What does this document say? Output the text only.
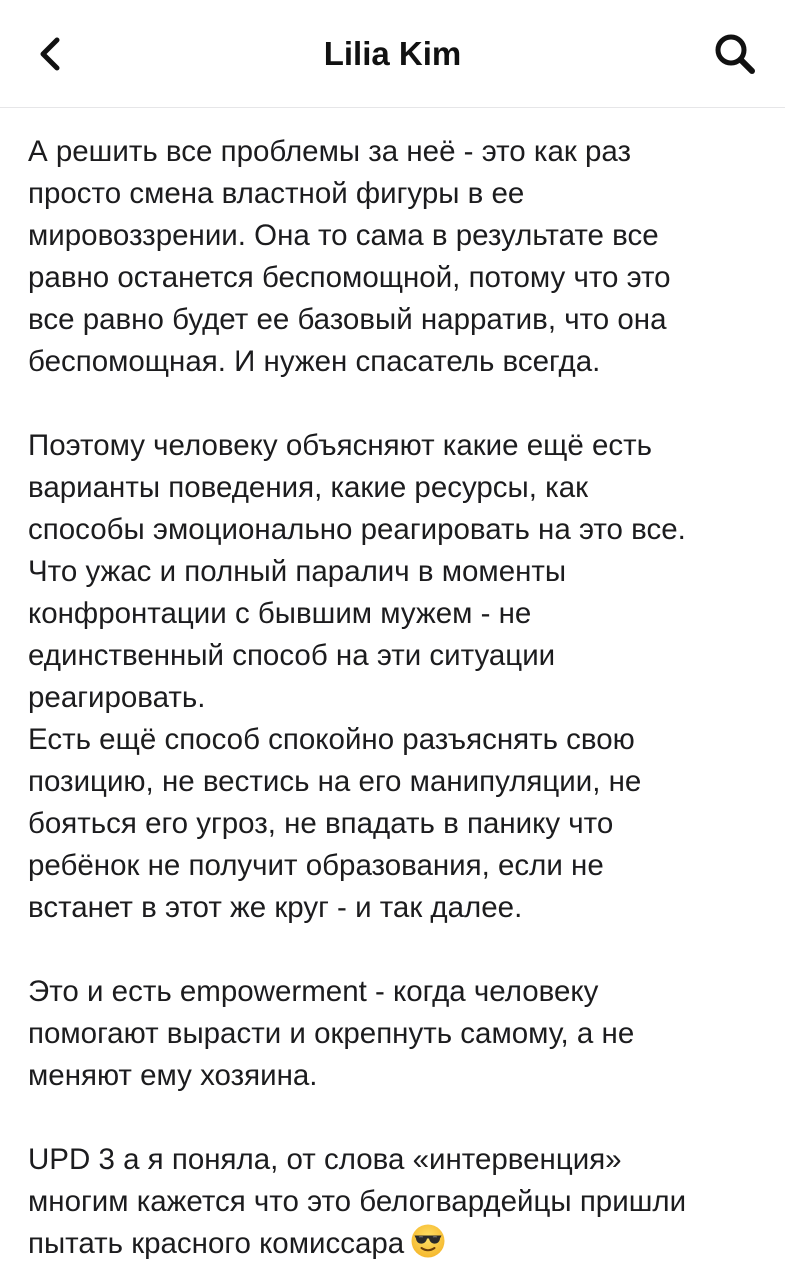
Lilia Kim
А решить все проблемы за неё - это как раз
просто смена властной фигуры в ее
мировоззрении. Она то сама в результате все
равно останется беспомощной, потому что это
все равно будет ее базовый нарратив, что она
беспомощная. И нужен спасатель всегда.
Поэтому человеку объясняют какие ещё есть
варианты поведения, какие ресурсы, как
способы эмоционально реагировать на это все.
Что ужас и полный паралич в моменты
конфронтации с бывшим мужем - не
единственный способ на эти ситуации
реагировать.
Есть ещё способ спокойно разъяснять свою
позицию, не вестись на его манипуляции, не
бояться его угроз, не впадать в панику что
ребёнок не получит образования, если не
встанет в этот же круг - и так далее.
Это и есть empowerment - когда человеку
помогают вырасти и окрепнуть самому, а не
меняют ему хозяина.
UPD 3 а я поняла, от слова «интервенция»
многим кажется что это белогвардейцы пришли
пытать красного комиссара
